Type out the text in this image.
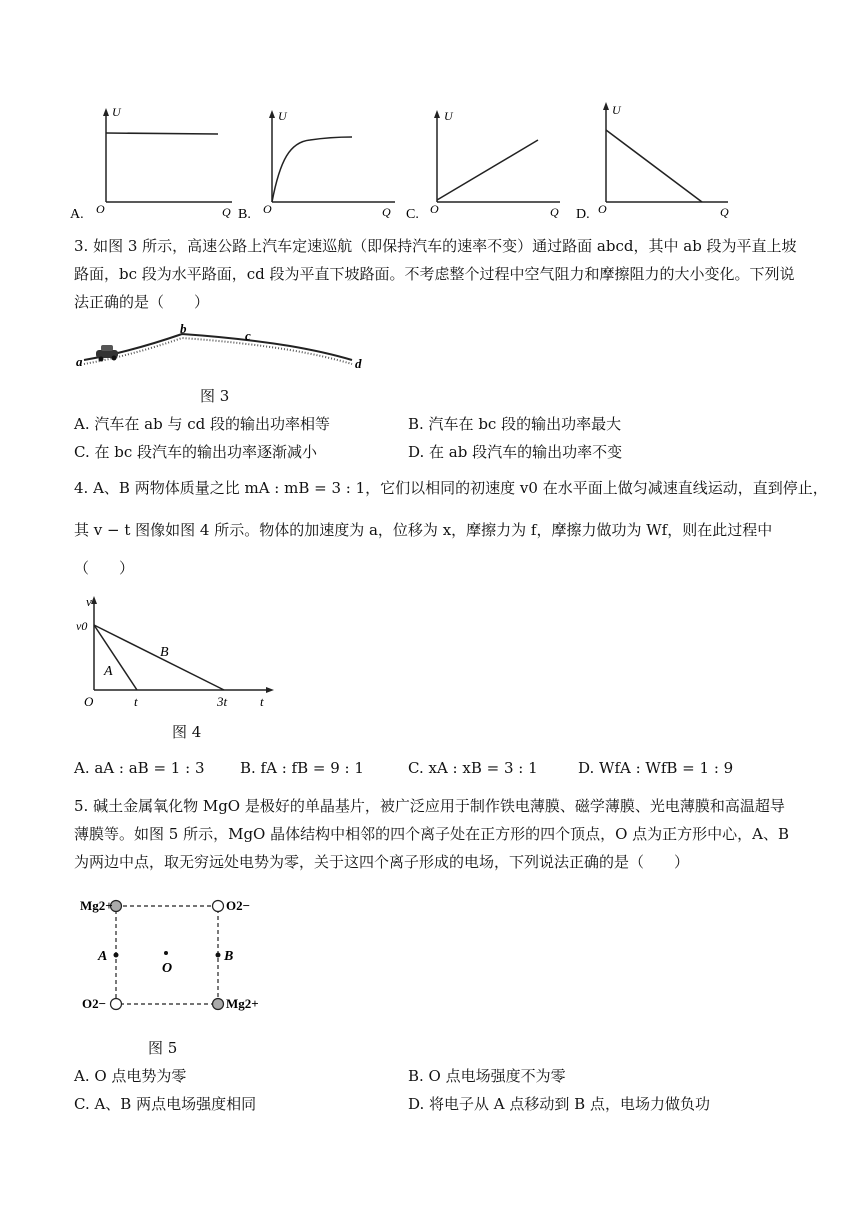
U
O	Q
A.
U
O	Q
B.
U
O	Q
C.
U
O	Q
D.
3. 如图 3 所示，高速公路上汽车定速巡航（即保持汽车的速率不变）通过路面 abcd，其中 ab 段为平直上坡
路面，bc 段为水平路面，cd 段为平直下坡路面。不考虑整个过程中空气阻力和摩擦阻力的大小变化。下列说
法正确的是（　　）
a
b	c
d
图 3
A. 汽车在 ab 与 cd 段的输出功率相等	B. 汽车在 bc 段的输出功率最大
C. 在 bc 段汽车的输出功率逐渐减小	D. 在 ab 段汽车的输出功率不变
4. A、B 两物体质量之比 mA : mB = 3 : 1，它们以相同的初速度 v0 在水平面上做匀减速直线运动，直到停止，
其 v − t 图像如图 4 所示。物体的加速度为 a，位移为 x，摩擦力为 f，摩擦力做功为 Wf，则在此过程中
（　　）
v
v0
O	t	3t	t
A
B
图 4
A. aA : aB = 1 : 3 B. fA : fB = 9 : 1	C. xA : xB = 3 : 1	D. WfA : WfB = 1 : 9
5. 碱土金属氧化物 MgO 是极好的单晶基片，被广泛应用于制作铁电薄膜、磁学薄膜、光电薄膜和高温超导
薄膜等。如图 5 所示，MgO 晶体结构中相邻的四个离子处在正方形的四个顶点，O 点为正方形中心，A、B
为两边中点，取无穷远处电势为零，关于这四个离子形成的电场，下列说法正确的是（　　）
Mg2+	O2−
O2−	Mg2+
A	B
O
图 5
A. O 点电势为零	B. O 点电场强度不为零
C. A、B 两点电场强度相同	D. 将电子从 A 点移动到 B 点，电场力做负功
